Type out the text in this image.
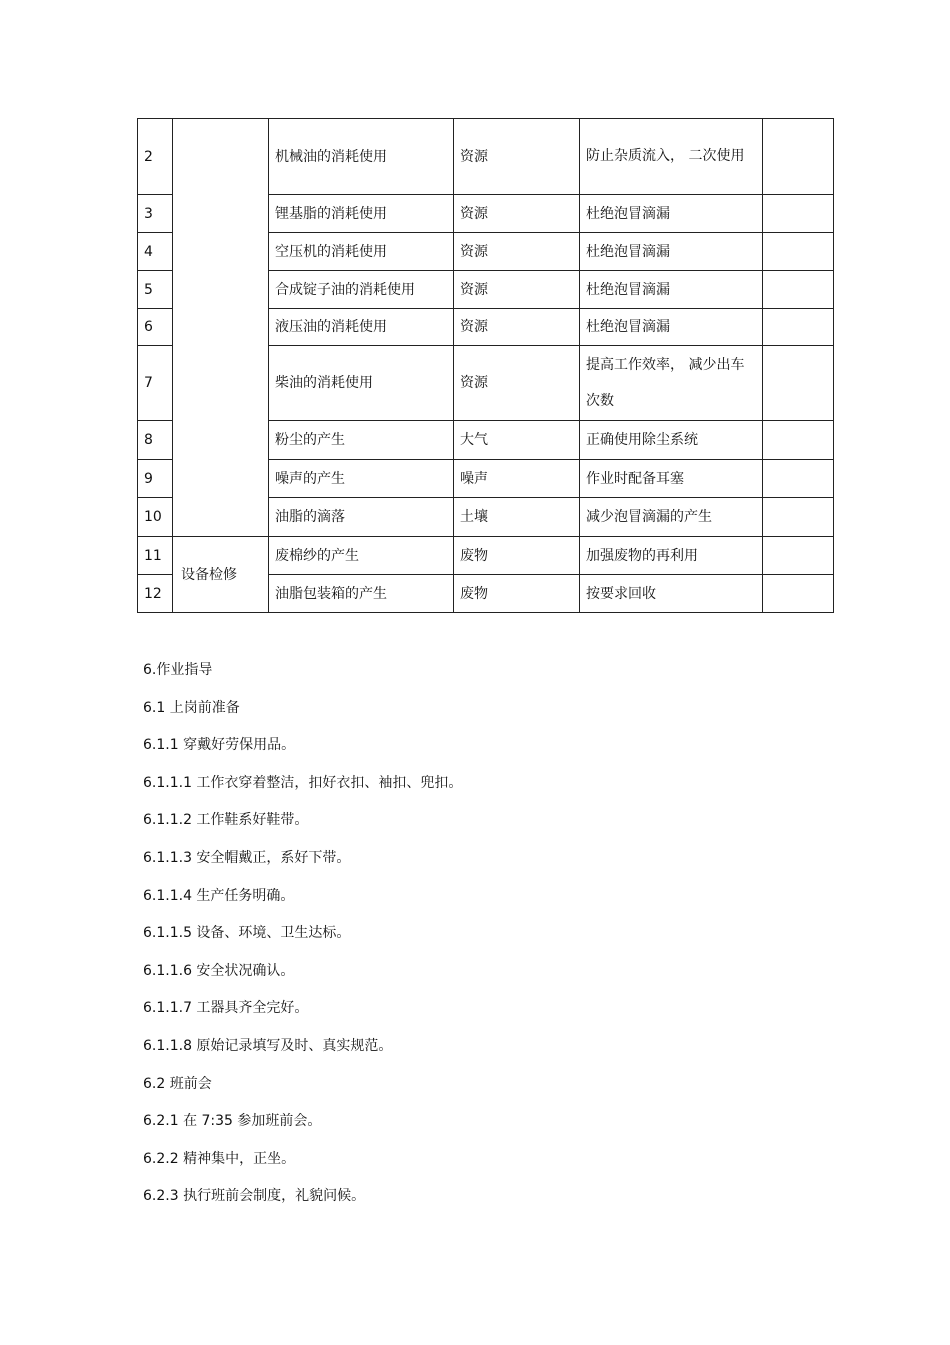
2		机械油的消耗使用	资源	防止杂质流入， 二次使用	
3		锂基脂的消耗使用	资源	杜绝泡冒滴漏	
4		空压机的消耗使用	资源	杜绝泡冒滴漏	
5		合成锭子油的消耗使用	资源	杜绝泡冒滴漏	
6		液压油的消耗使用	资源	杜绝泡冒滴漏	
7		柴油的消耗使用	资源	提高工作效率， 减少出车次数	
8		粉尘的产生	大气	正确使用除尘系统	
9		噪声的产生	噪声	作业时配备耳塞	
10		油脂的滴落	土壤	减少泡冒滴漏的产生	
11	设备检修	废棉纱的产生	废物	加强废物的再利用	
12		油脂包装箱的产生	废物	按要求回收	

6.作业指导

6.1 上岗前准备

6.1.1 穿戴好劳保用品。

6.1.1.1 工作衣穿着整洁，扣好衣扣、袖扣、兜扣。

6.1.1.2 工作鞋系好鞋带。

6.1.1.3 安全帽戴正，系好下带。

6.1.1.4 生产任务明确。

6.1.1.5 设备、环境、卫生达标。

6.1.1.6 安全状况确认。

6.1.1.7 工器具齐全完好。

6.1.1.8 原始记录填写及时、真实规范。

6.2 班前会

6.2.1 在 7:35 参加班前会。

6.2.2 精神集中，正坐。

6.2.3 执行班前会制度，礼貌问候。
